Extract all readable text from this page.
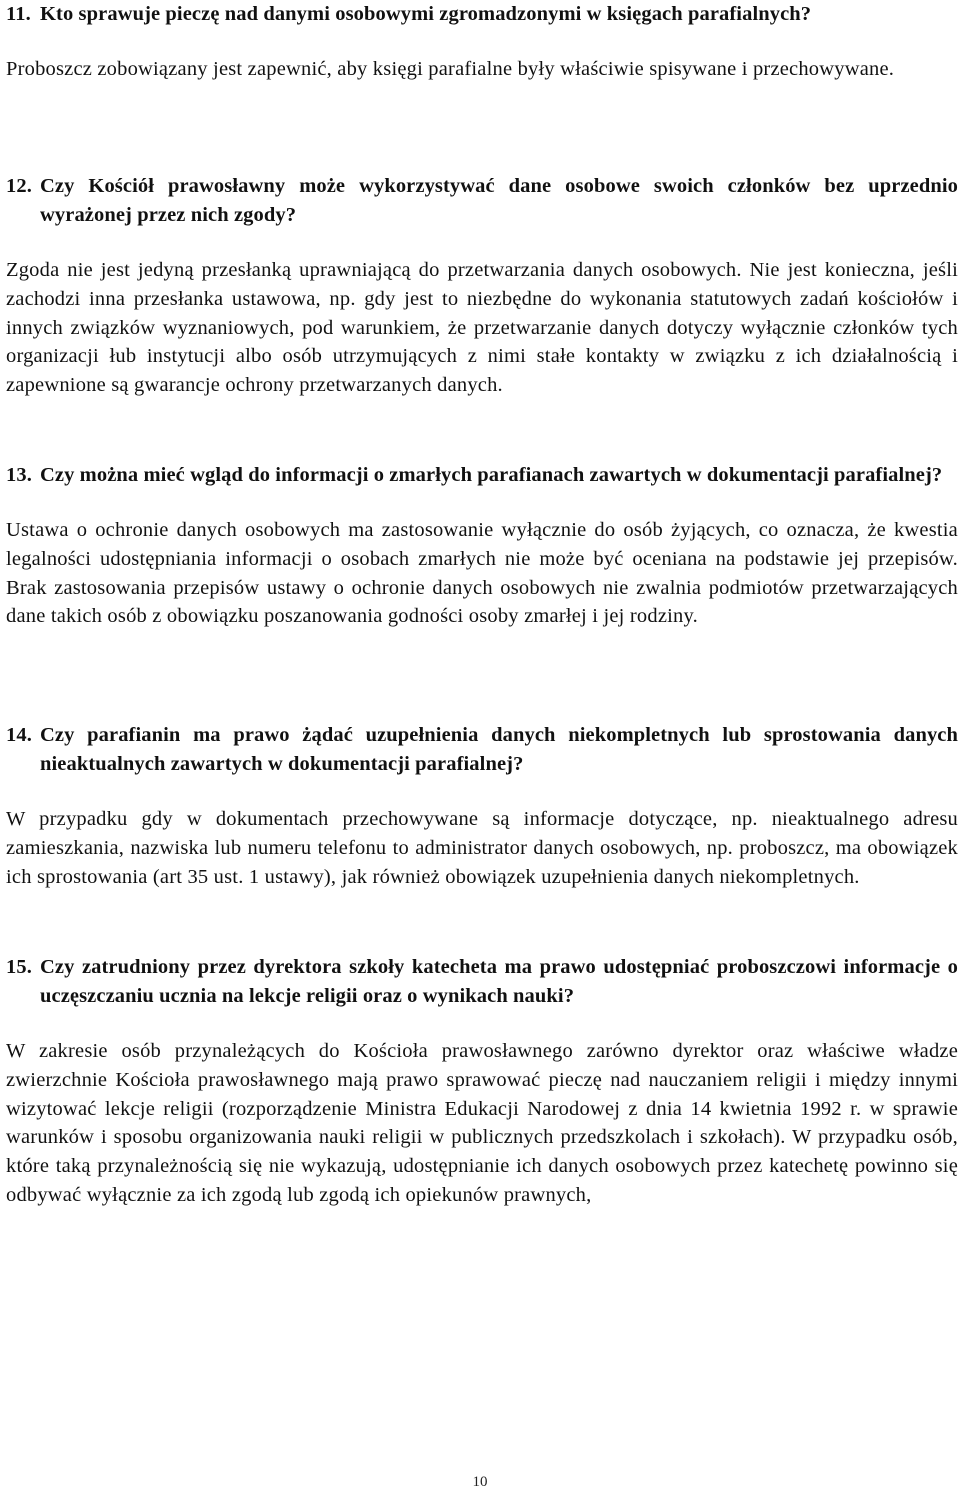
11. Kto sprawuje pieczę nad danymi osobowymi zgromadzonymi w księgach parafialnych?

Proboszcz zobowiązany jest zapewnić, aby księgi parafialne były właściwie spisywane i przechowywane.

12. Czy Kościół prawosławny może wykorzystywać dane osobowe swoich członków bez uprzednio wyrażonej przez nich zgody?

Zgoda nie jest jedyną przesłanką uprawniającą do przetwarzania danych osobowych. Nie jest konieczna, jeśli zachodzi inna przesłanka ustawowa, np. gdy jest to niezbędne do wykonania statutowych zadań kościołów i innych związków wyznaniowych, pod warunkiem, że przetwarzanie danych dotyczy wyłącznie członków tych organizacji łub instytucji albo osób utrzymujących z nimi stałe kontakty w związku z ich działalnością i zapewnione są gwarancje ochrony przetwarzanych danych.

13. Czy można mieć wgląd do informacji o zmarłych parafianach zawartych w dokumentacji parafialnej?

Ustawa o ochronie danych osobowych ma zastosowanie wyłącznie do osób żyjących, co oznacza, że kwestia legalności udostępniania informacji o osobach zmarłych nie może być oceniana na podstawie jej przepisów. Brak zastosowania przepisów ustawy o ochronie danych osobowych nie zwalnia podmiotów przetwarzających dane takich osób z obowiązku poszanowania godności osoby zmarłej i jej rodziny.

14. Czy parafianin ma prawo żądać uzupełnienia danych niekompletnych lub sprostowania danych nieaktualnych zawartych w dokumentacji parafialnej?

W przypadku gdy w dokumentach przechowywane są informacje dotyczące, np. nieaktualnego adresu zamieszkania, nazwiska lub numeru telefonu to administrator danych osobowych, np. proboszcz, ma obowiązek ich sprostowania (art 35 ust. 1 ustawy), jak również obowiązek uzupełnienia danych niekompletnych.

15. Czy zatrudniony przez dyrektora szkoły katecheta ma prawo udostępniać proboszczowi informacje o uczęszczaniu ucznia na lekcje religii oraz o wynikach nauki?

W zakresie osób przynależących do Kościoła prawosławnego zarówno dyrektor oraz właściwe władze zwierzchnie Kościoła prawosławnego mają prawo sprawować pieczę nad nauczaniem religii i między innymi wizytować lekcje religii (rozporządzenie Ministra Edukacji Narodowej z dnia 14 kwietnia 1992 r. w sprawie warunków i sposobu organizowania nauki religii w publicznych przedszkolach i szkołach). W przypadku osób, które taką przynależnością się nie wykazują, udostępnianie ich danych osobowych przez katechetę powinno się odbywać wyłącznie za ich zgodą lub zgodą ich opiekunów prawnych,

10
